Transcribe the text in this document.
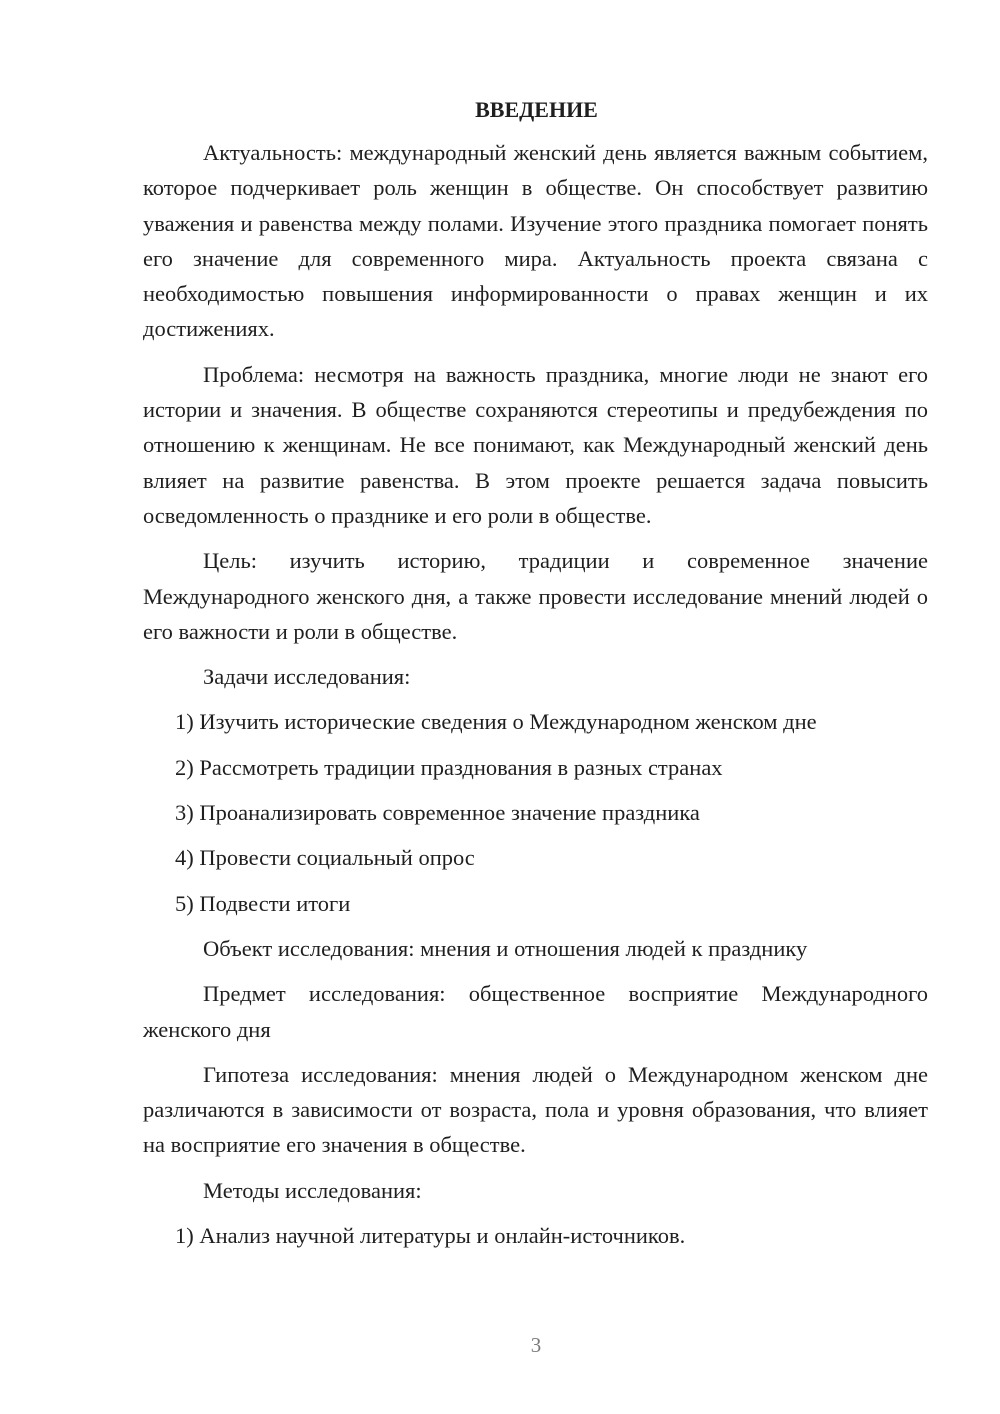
ВВЕДЕНИЕ
Актуальность: международный женский день является важным событием, которое подчеркивает роль женщин в обществе. Он способствует развитию уважения и равенства между полами. Изучение этого праздника помогает понять его значение для современного мира. Актуальность проекта связана с необходимостью повышения информированности о правах женщин и их достижениях.
Проблема: несмотря на важность праздника, многие люди не знают его истории и значения. В обществе сохраняются стереотипы и предубеждения по отношению к женщинам. Не все понимают, как Международный женский день влияет на развитие равенства. В этом проекте решается задача повысить осведомленность о празднике и его роли в обществе.
Цель: изучить историю, традиции и современное значение Международного женского дня, а также провести исследование мнений людей о его важности и роли в обществе.
Задачи исследования:
1) Изучить исторические сведения о Международном женском дне
2) Рассмотреть традиции празднования в разных странах
3) Проанализировать современное значение праздника
4) Провести социальный опрос
5) Подвести итоги
Объект исследования: мнения и отношения людей к празднику
Предмет исследования: общественное восприятие Международного женского дня
Гипотеза исследования: мнения людей о Международном женском дне различаются в зависимости от возраста, пола и уровня образования, что влияет на восприятие его значения в обществе.
Методы исследования:
1) Анализ научной литературы и онлайн-источников.
3
